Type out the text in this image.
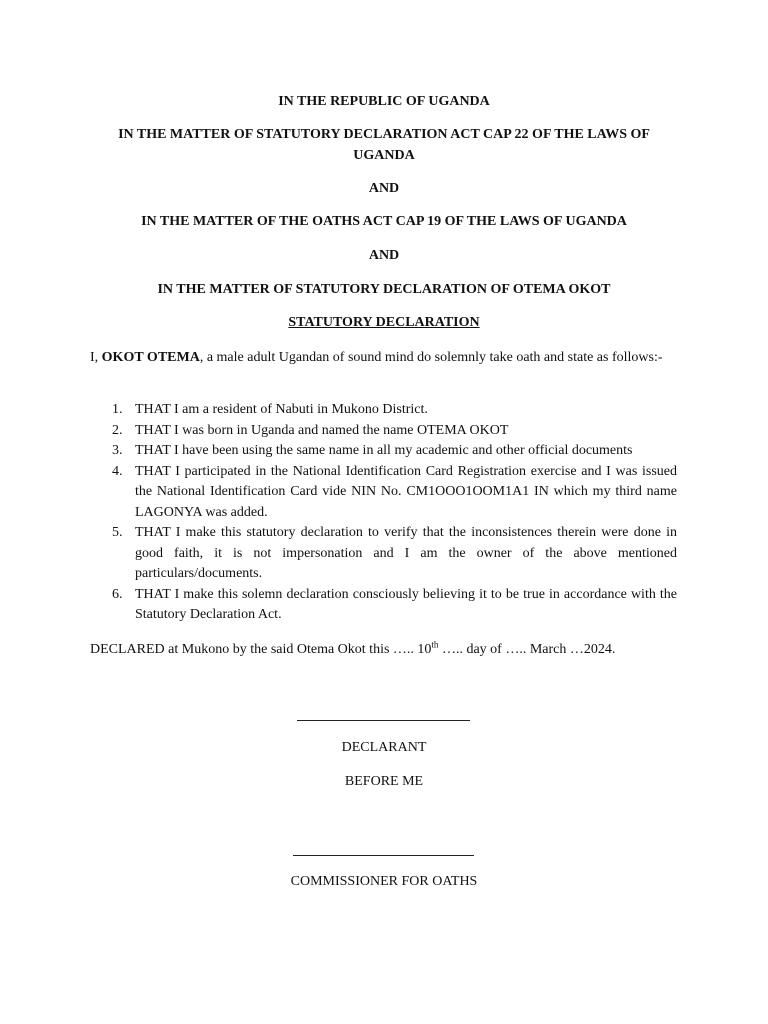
IN THE REPUBLIC OF UGANDA
IN THE MATTER OF STATUTORY DECLARATION ACT CAP 22 OF THE LAWS OF
UGANDA
AND
IN THE MATTER OF THE OATHS ACT CAP 19 OF THE LAWS OF UGANDA
AND
IN THE MATTER OF STATUTORY DECLARATION OF OTEMA OKOT
STATUTORY DECLARATION
I, OKOT OTEMA, a male adult Ugandan of sound mind do solemnly take oath and state as follows:-
1. THAT I am a resident of Nabuti in Mukono District.
2. THAT I was born in Uganda and named the name OTEMA OKOT
3. THAT I have been using the same name in all my academic and other official documents
4. THAT I participated in the National Identification Card Registration exercise and I was issued the National Identification Card vide NIN No. CM1OOO1OOM1A1 IN which my third name LAGONYA was added.
5. THAT I make this statutory declaration to verify that the inconsistences therein were done in good faith, it is not impersonation and I am the owner of the above mentioned particulars/documents.
6. THAT I make this solemn declaration consciously believing it to be true in accordance with the Statutory Declaration Act.
DECLARED at Mukono by the said Otema Okot this ….. 10th ….. day of ….. March …2024.
DECLARANT
BEFORE ME
COMMISSIONER FOR OATHS
